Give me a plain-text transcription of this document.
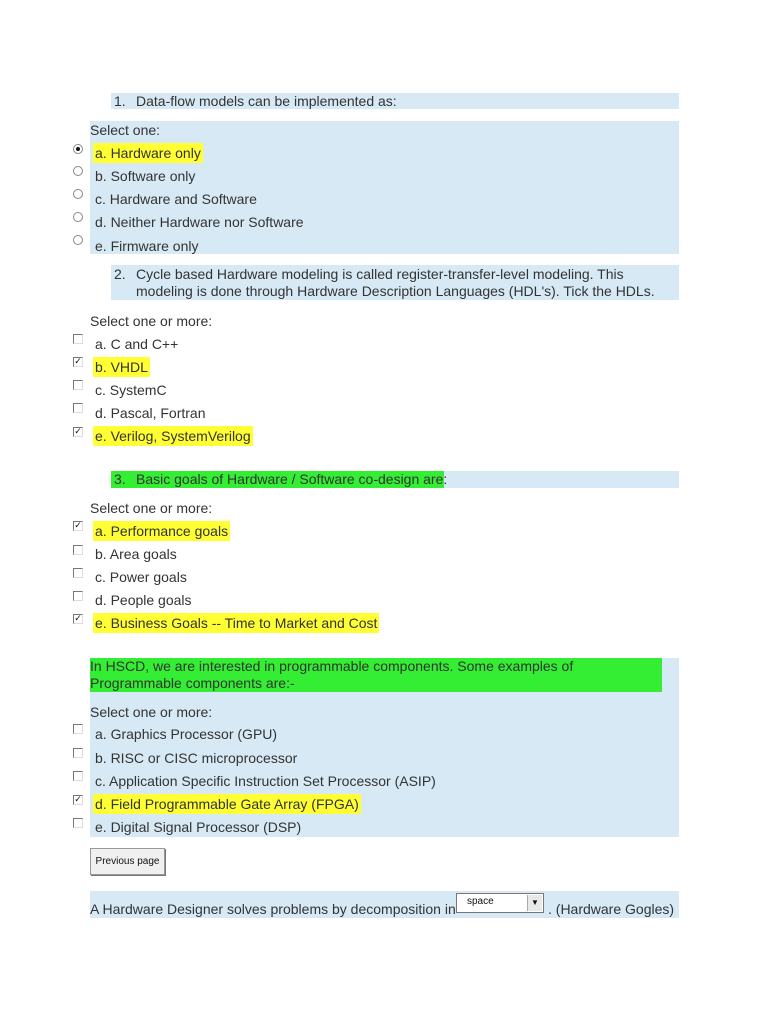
1. Data-flow models can be implemented as:
Select one:
a. Hardware only
b. Software only
c. Hardware and Software
d. Neither Hardware nor Software
e. Firmware only
2. Cycle based Hardware modeling is called register-transfer-level modeling. This modeling is done through Hardware Description Languages (HDL's). Tick the HDLs.
Select one or more:
a. C and C++
✓ b. VHDL
c. SystemC
d. Pascal, Fortran
✓ e. Verilog, SystemVerilog
3. Basic goals of Hardware / Software co-design are:
Select one or more:
✓ a. Performance goals
b. Area goals
c. Power goals
d. People goals
✓ e. Business Goals -- Time to Market and Cost
In HSCD, we are interested in programmable components. Some examples of Programmable components are:-
Select one or more:
a. Graphics Processor (GPU)
b. RISC or CISC microprocessor
c. Application Specific Instruction Set Processor (ASIP)
✓ d. Field Programmable Gate Array (FPGA)
e. Digital Signal Processor (DSP)
Previous page
A Hardware Designer solves problems by decomposition in	space	▼ . (Hardware Gogles)
